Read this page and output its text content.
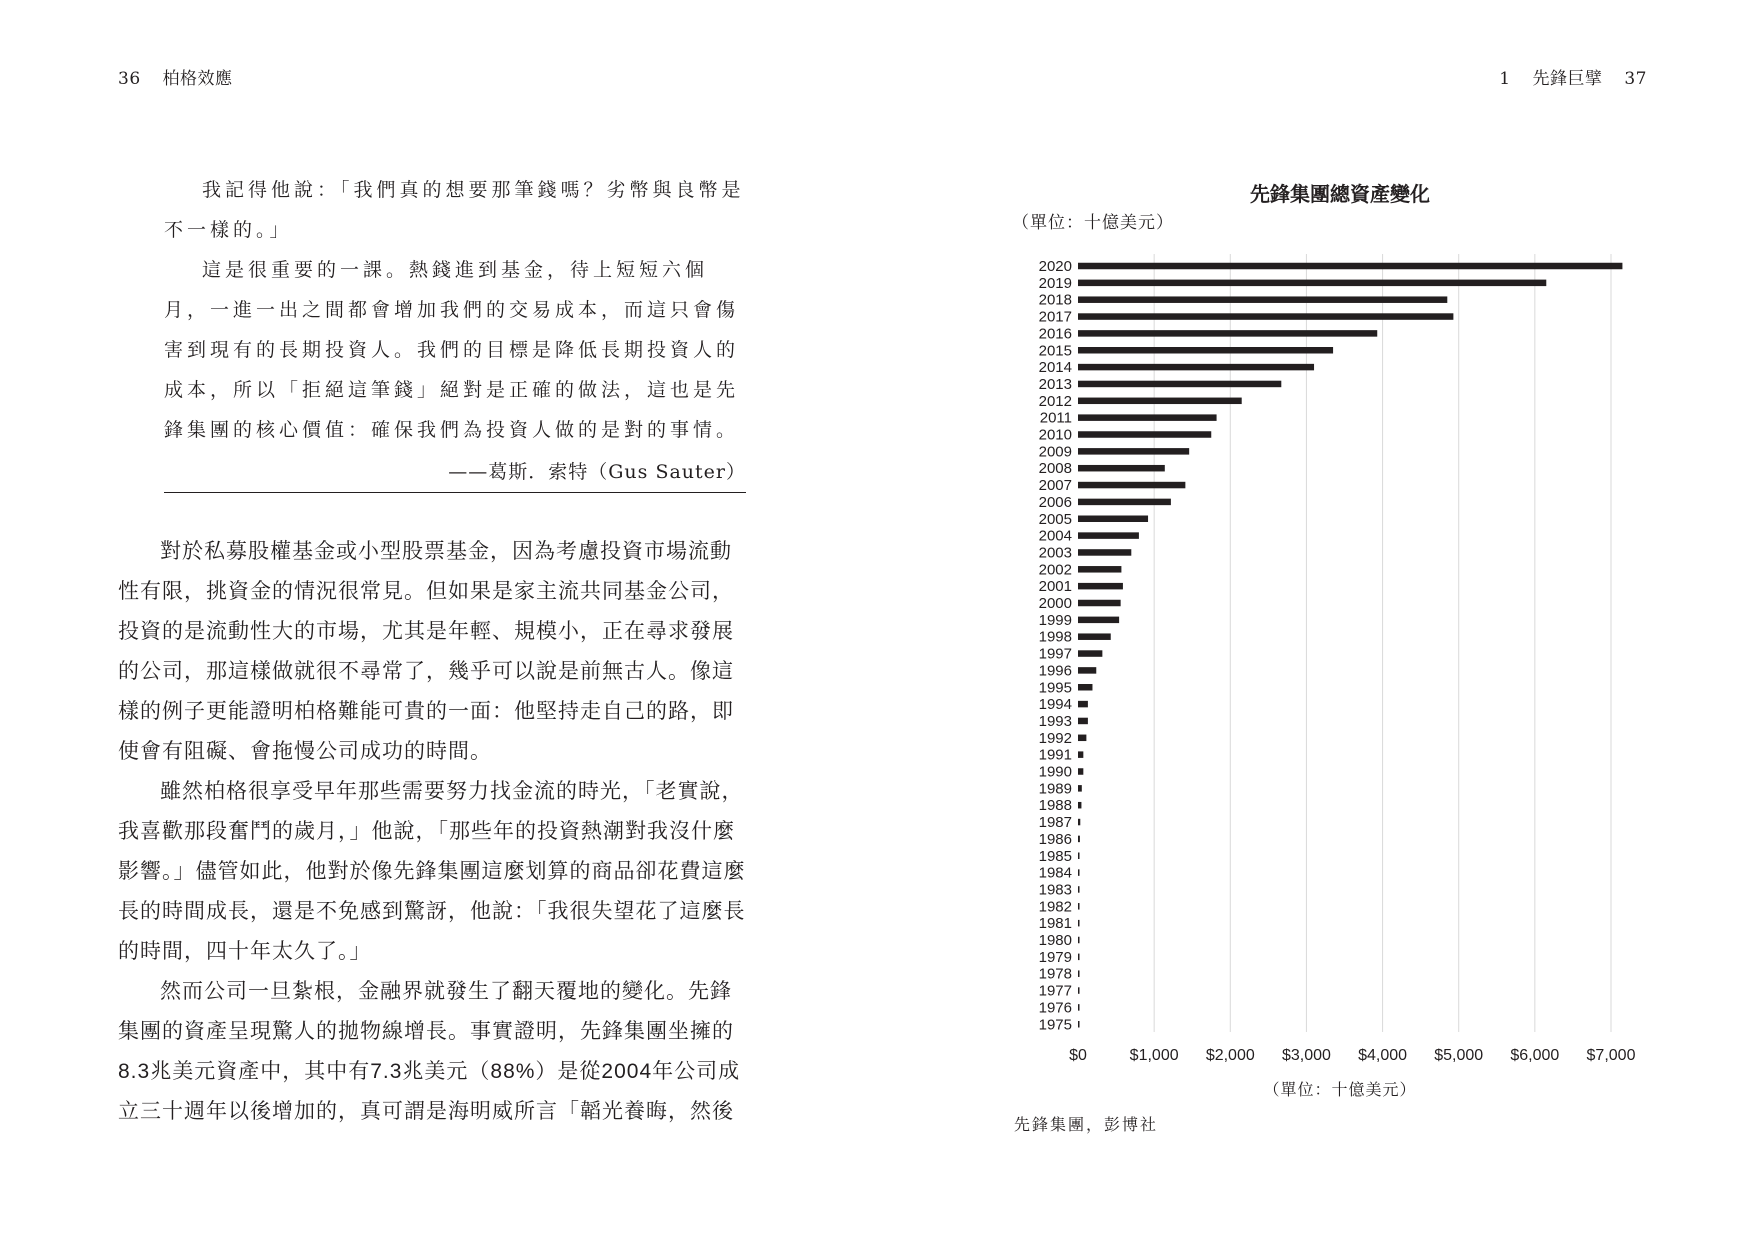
36 柏格效應

我記得他說：「我們真的想要那筆錢嗎？劣幣與良幣是不一樣的。」

這是很重要的一課。熱錢進到基金，待上短短六個月，一進一出之間都會增加我們的交易成本，而這只會傷害到現有的長期投資人。我們的目標是降低長期投資人的成本，所以「拒絕這筆錢」絕對是正確的做法，這也是先鋒集團的核心價值：確保我們為投資人做的是對的事情。

——葛斯．索特（Gus Sauter）

對於私募股權基金或小型股票基金，因為考慮投資市場流動性有限，挑資金的情況很常見。但如果是家主流共同基金公司，投資的是流動性大的市場，尤其是年輕、規模小，正在尋求發展的公司，那這樣做就很不尋常了，幾乎可以說是前無古人。像這樣的例子更能證明柏格難能可貴的一面：他堅持走自己的路，即使會有阻礙、會拖慢公司成功的時間。

雖然柏格很享受早年那些需要努力找金流的時光，「老實說，我喜歡那段奮鬥的歲月，」他說，「那些年的投資熱潮對我沒什麼影響。」儘管如此，他對於像先鋒集團這麼划算的商品卻花費這麼長的時間成長，還是不免感到驚訝，他說：「我很失望花了這麼長的時間，四十年太久了。」

然而公司一旦紮根，金融界就發生了翻天覆地的變化。先鋒集團的資產呈現驚人的拋物線增長。事實證明，先鋒集團坐擁的8.3兆美元資產中，其中有7.3兆美元（88%）是從2004年公司成立三十週年以後增加的，真可謂是海明威所言「韜光養晦，然後

1 先鋒巨擘 37
先鋒集團總資產變化
（單位：十億美元）
2020
2019
2018
2017
2016
2015
2014
2013
2012
2011
2010
2009
2008
2007
2006
2005
2004
2003
2002
2001
2000
1999
1998
1997
1996
1995
1994
1993
1992
1991
1990
1989
1988
1987
1986
1985
1984
1983
1982
1981
1980
1979
1978
1977
1976
1975
$0	$1,000 $2,000 $3,000 $4,000 $5,000 $6,000 $7,000
（單位：十億美元）
先鋒集團，彭博社
